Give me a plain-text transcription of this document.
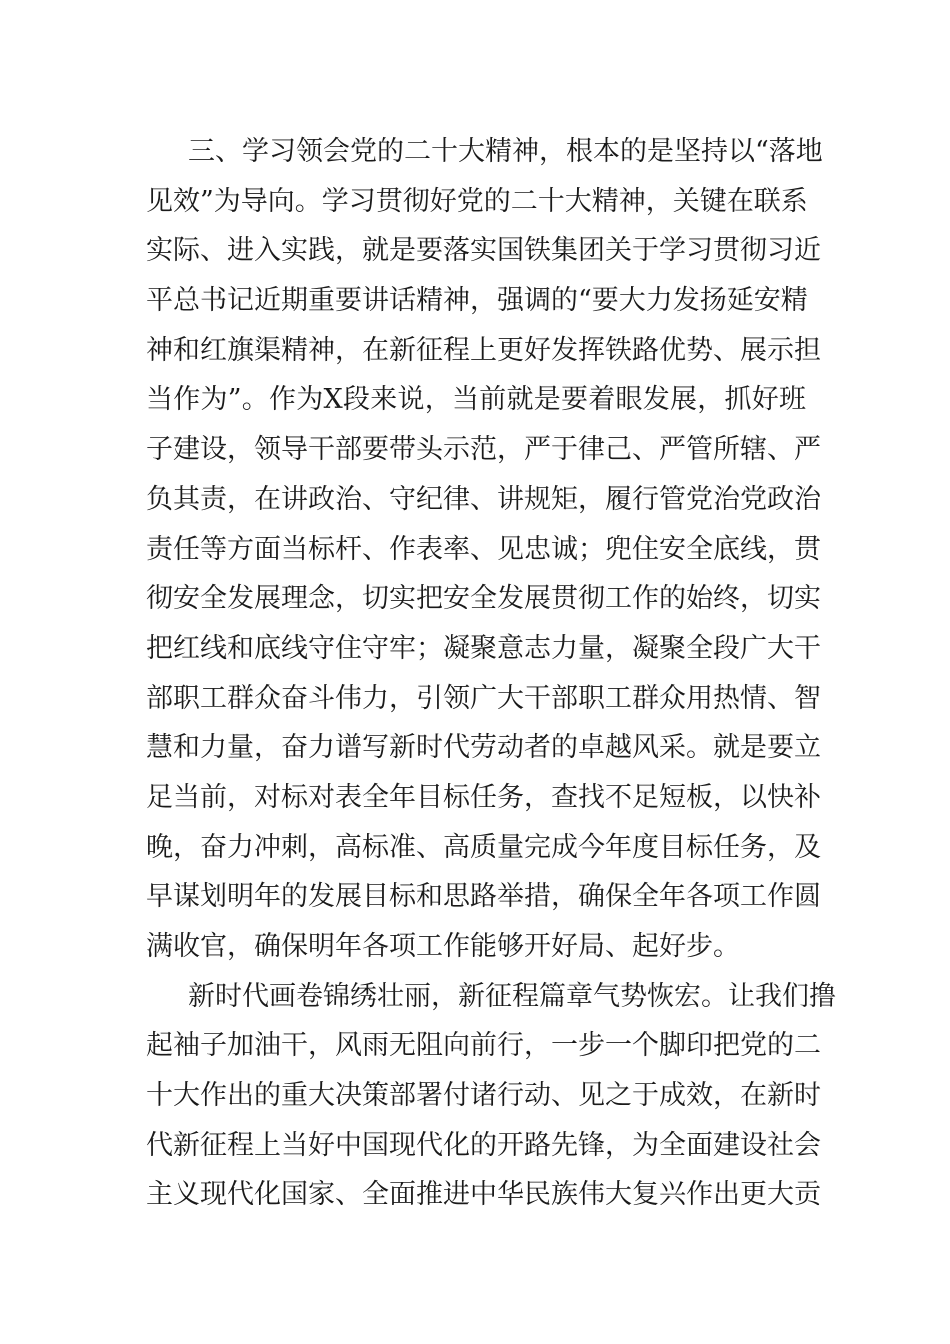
三、学习领会党的二十大精神，根本的是坚持以“落地
见效”为导向。学习贯彻好党的二十大精神，关键在联系
实际、进入实践，就是要落实国铁集团关于学习贯彻习近
平总书记近期重要讲话精神，强调的“要大力发扬延安精
神和红旗渠精神，在新征程上更好发挥铁路优势、展示担
当作为”。作为X段来说，当前就是要着眼发展，抓好班
子建设，领导干部要带头示范，严于律己、严管所辖、严
负其责，在讲政治、守纪律、讲规矩，履行管党治党政治
责任等方面当标杆、作表率、见忠诚；兜住安全底线，贯
彻安全发展理念，切实把安全发展贯彻工作的始终，切实
把红线和底线守住守牢；凝聚意志力量，凝聚全段广大干
部职工群众奋斗伟力，引领广大干部职工群众用热情、智
慧和力量，奋力谱写新时代劳动者的卓越风采。就是要立
足当前，对标对表全年目标任务，查找不足短板，以快补
晚，奋力冲刺，高标准、高质量完成今年度目标任务，及
早谋划明年的发展目标和思路举措，确保全年各项工作圆
满收官，确保明年各项工作能够开好局、起好步。
新时代画卷锦绣壮丽，新征程篇章气势恢宏。让我们撸
起袖子加油干，风雨无阻向前行，一步一个脚印把党的二
十大作出的重大决策部署付诸行动、见之于成效，在新时
代新征程上当好中国现代化的开路先锋，为全面建设社会
主义现代化国家、全面推进中华民族伟大复兴作出更大贡
